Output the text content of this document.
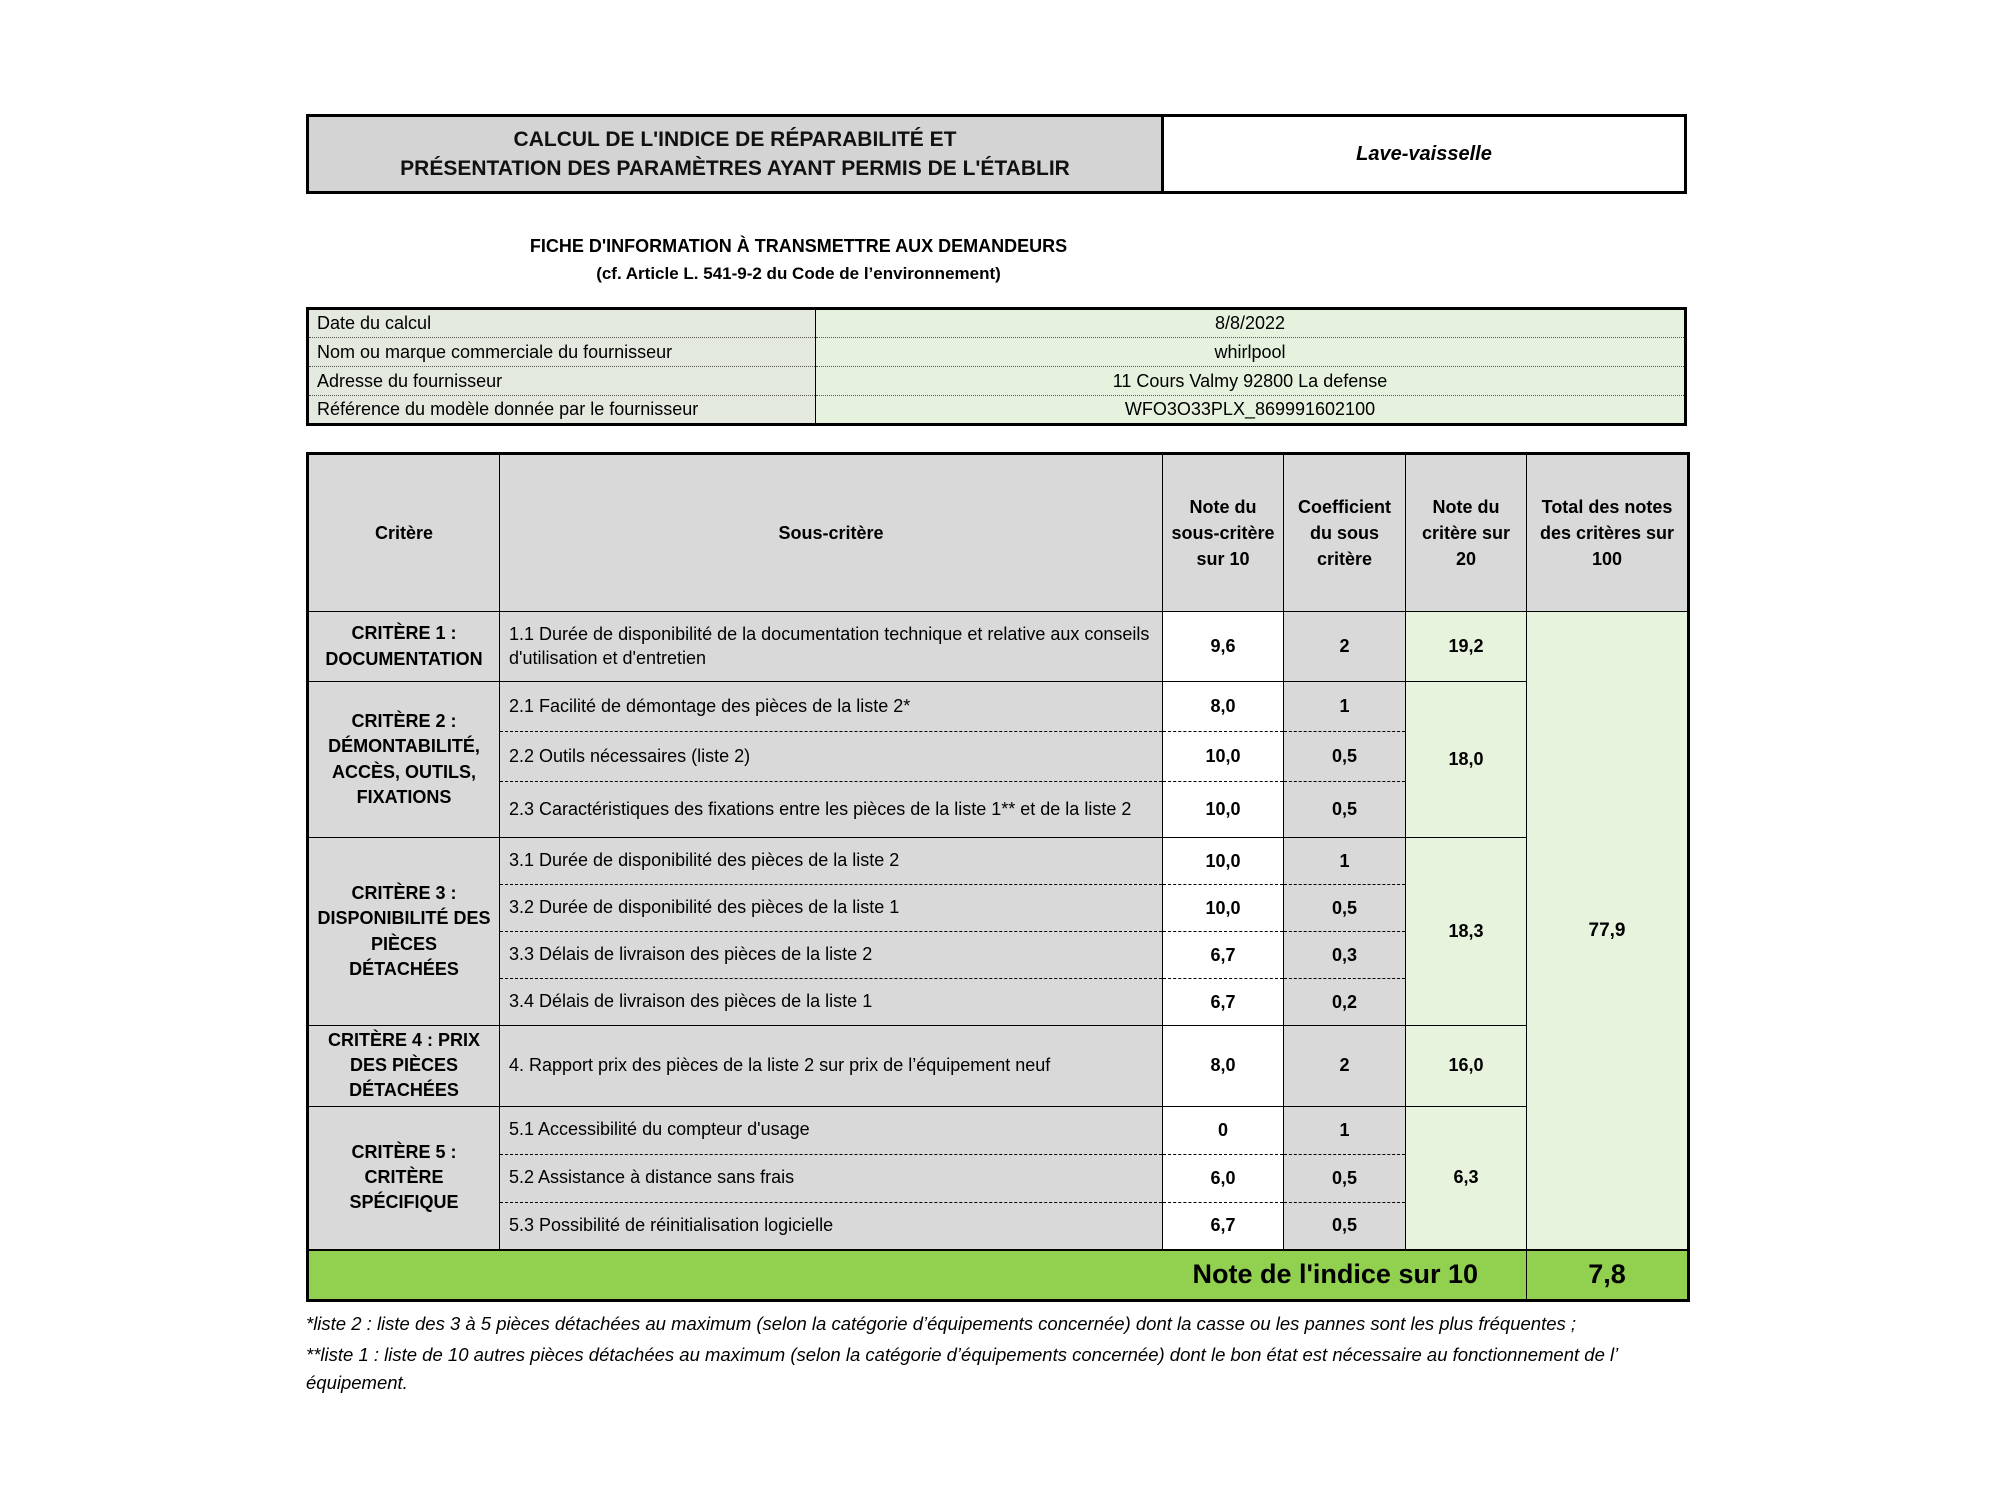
CALCUL DE L'INDICE DE RÉPARABILITÉ ET
PRÉSENTATION DES PARAMÈTRES AYANT PERMIS DE L'ÉTABLIR
Lave-vaisselle
FICHE D'INFORMATION À TRANSMETTRE AUX DEMANDEURS
(cf. Article L. 541-9-2 du Code de l’environnement)
Date du calcul	8/8/2022
Nom ou marque commerciale du fournisseur	whirlpool
Adresse du fournisseur	11 Cours Valmy 92800 La defense
Référence du modèle donnée par le fournisseur	WFO3O33PLX_869991602100
Critère	Sous-critère	Note du sous-critère sur 10	Coefficient du sous critère	Note du critère sur 20	Total des notes des critères sur 100
CRITÈRE 1 : DOCUMENTATION	1.1 Durée de disponibilité de la documentation technique et relative aux conseils d'utilisation et d'entretien	9,6	2	19,2	77,9
CRITÈRE 2 : DÉMONTABILITÉ, ACCÈS, OUTILS, FIXATIONS	2.1 Facilité de démontage des pièces de la liste 2*	8,0	1	18,0	
	2.2 Outils nécessaires (liste 2)	10,0	0,5		
	2.3 Caractéristiques des fixations entre les pièces de la liste 1** et de la liste 2	10,0	0,5		
CRITÈRE 3 : DISPONIBILITÉ DES PIÈCES DÉTACHÉES	3.1 Durée de disponibilité des pièces de la liste 2	10,0	1	18,3	
	3.2 Durée de disponibilité des pièces de la liste 1	10,0	0,5		
	3.3 Délais de livraison des pièces de la liste 2	6,7	0,3		
	3.4 Délais de livraison des pièces de la liste 1	6,7	0,2		
CRITÈRE 4 : PRIX DES PIÈCES DÉTACHÉES	4. Rapport prix des pièces de la liste 2 sur prix de l’équipement neuf	8,0	2	16,0	
CRITÈRE 5 : CRITÈRE SPÉCIFIQUE	5.1 Accessibilité du compteur d'usage	0	1	6,3	
	5.2 Assistance à distance sans frais	6,0	0,5		
	5.3 Possibilité de réinitialisation logicielle	6,7	0,5		
Note de l'indice sur 10					7,8

*liste 2 : liste des 3 à 5 pièces détachées au maximum (selon la catégorie d’équipements concernée) dont la casse ou les pannes sont les plus fréquentes ;

**liste 1 : liste de 10 autres pièces détachées au maximum (selon la catégorie d’équipements concernée) dont le bon état est nécessaire au fonctionnement de l’ équipement.
